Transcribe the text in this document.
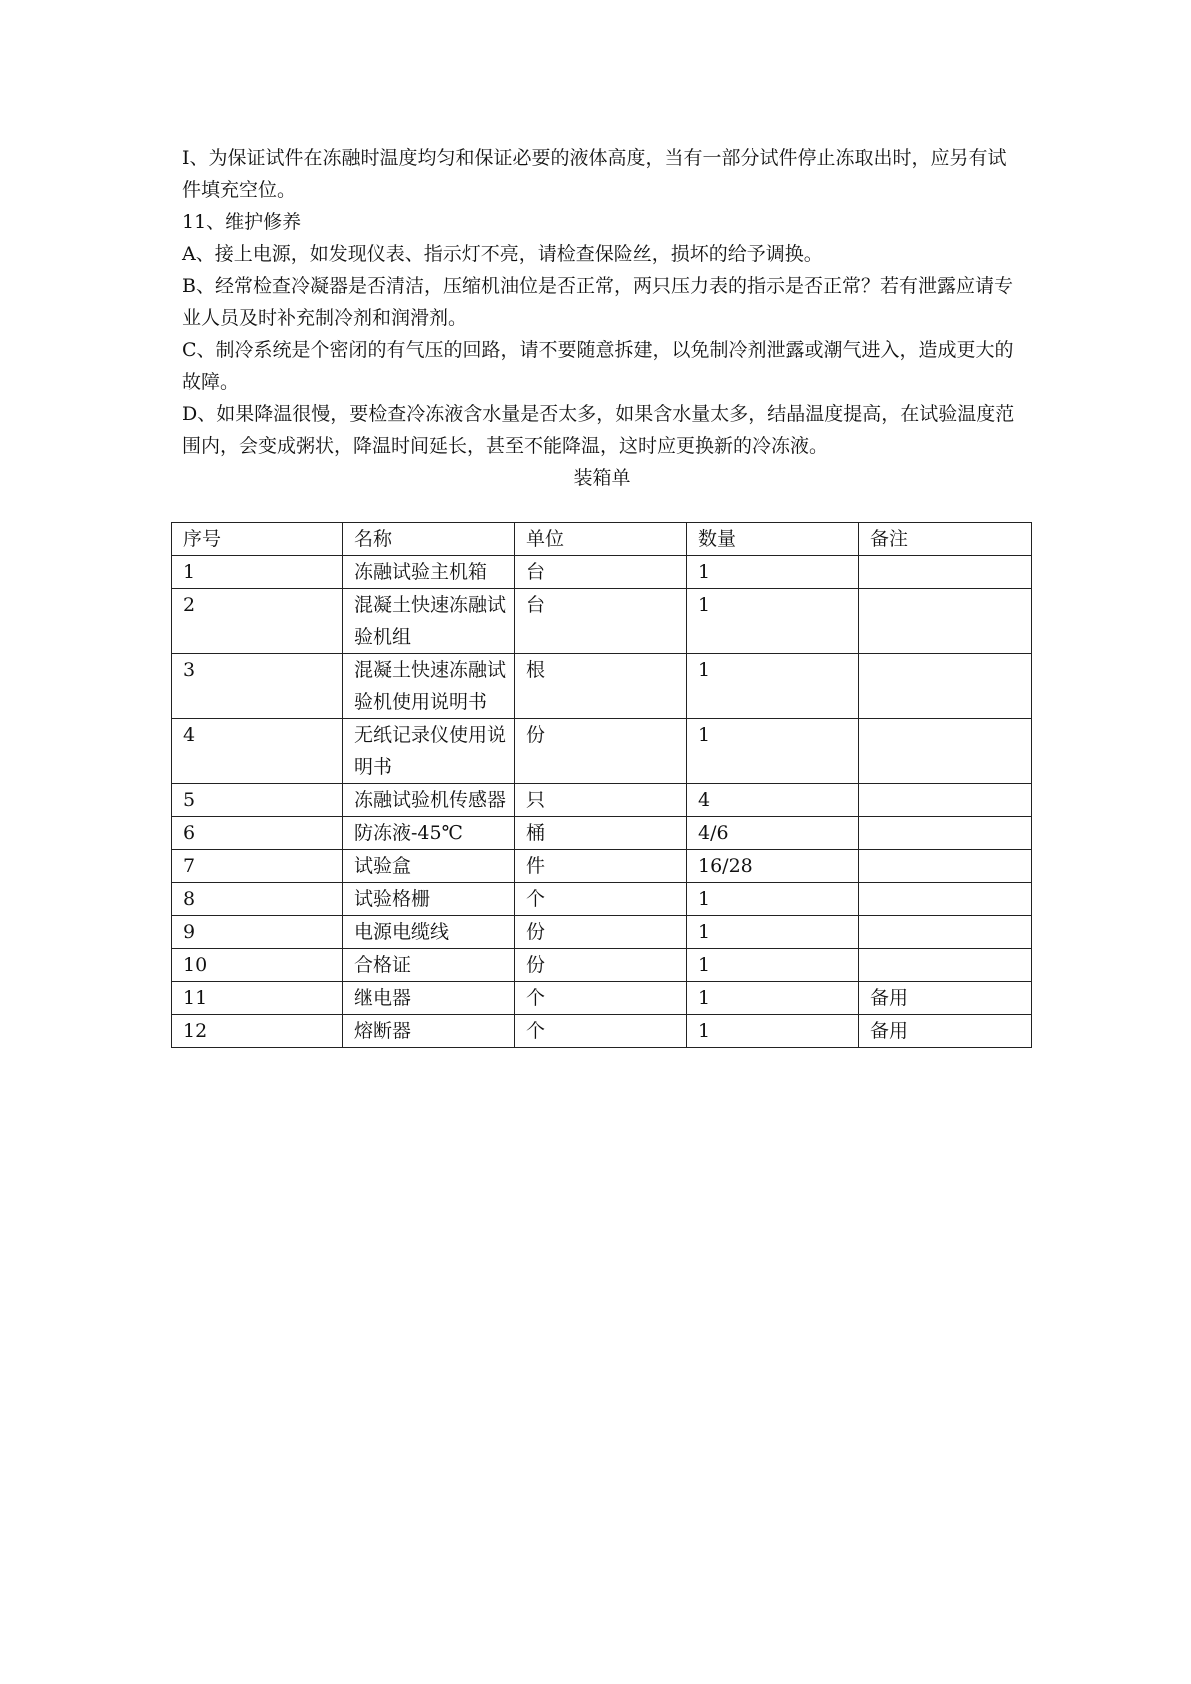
I、为保证试件在冻融时温度均匀和保证必要的液体高度，当有一部分试件停止冻取出时，应另有试件填充空位。

11、维护修养

A、接上电源，如发现仪表、指示灯不亮，请检查保险丝，损坏的给予调换。

B、经常检查冷凝器是否清洁，压缩机油位是否正常，两只压力表的指示是否正常？若有泄露应请专业人员及时补充制冷剂和润滑剂。

C、制冷系统是个密闭的有气压的回路，请不要随意拆建，以免制冷剂泄露或潮气进入，造成更大的故障。

D、如果降温很慢，要检查冷冻液含水量是否太多，如果含水量太多，结晶温度提高，在试验温度范围内，会变成粥状，降温时间延长，甚至不能降温，这时应更换新的冷冻液。

装箱单

序号	名称	单位	数量	备注
1	冻融试验主机箱	台	1	
2	混凝土快速冻融试验机组	台	1	
3	混凝土快速冻融试验机使用说明书	根	1	
4	无纸记录仪使用说明书	份	1	
5	冻融试验机传感器	只	4	
6	防冻液-45℃	桶	4/6	
7	试验盒	件	16/28	
8	试验格栅	个	1	
9	电源电缆线	份	1	
10	合格证	份	1	
11	继电器	个	1	备用
12	熔断器	个	1	备用
